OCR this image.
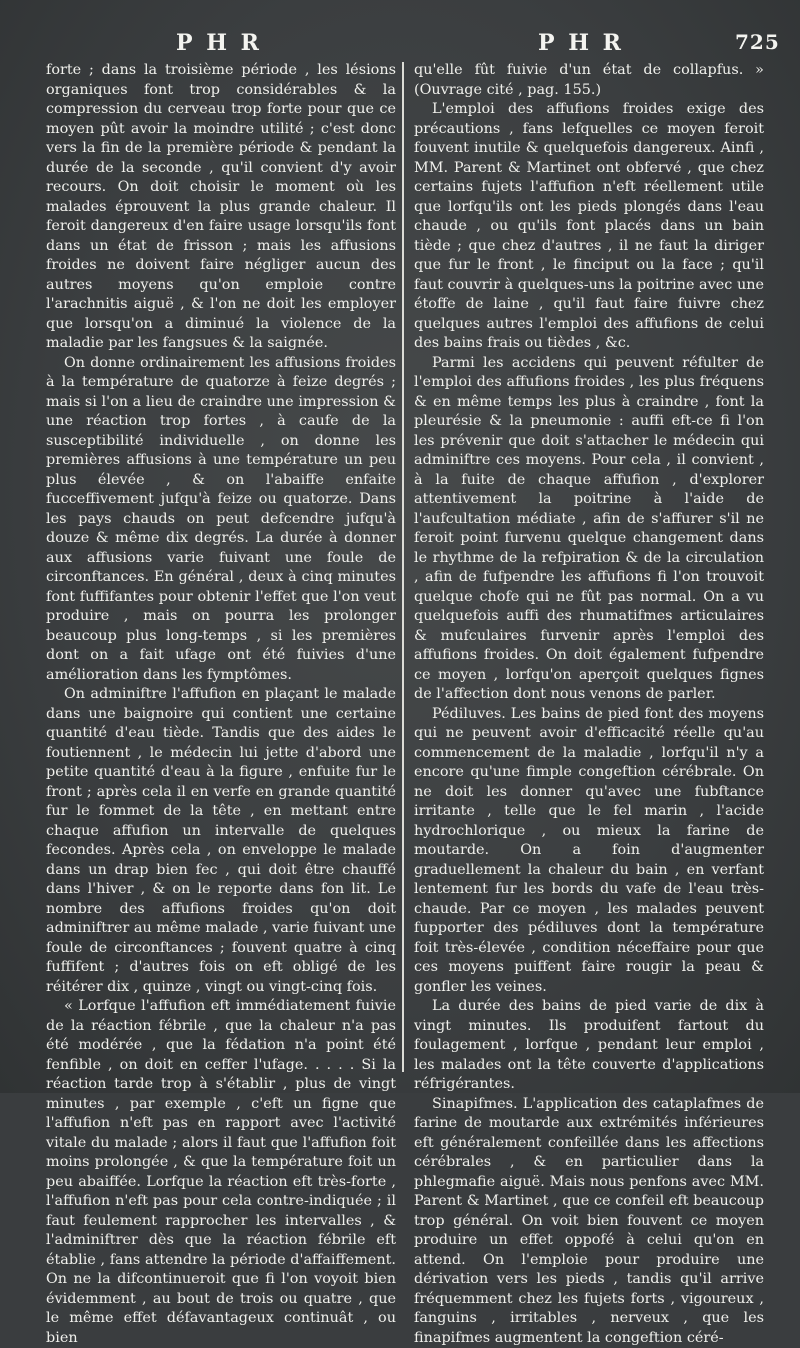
P H R	P H R	725

forte ; dans la troisième période , les lésions organiques font trop considérables & la compression du cerveau trop forte pour que ce moyen pût avoir la moindre utilité ; c'est donc vers la fin de la première période & pendant la durée de la seconde , qu'il convient d'y avoir recours. On doit choisir le moment où les malades éprouvent la plus grande chaleur. Il feroit dangereux d'en faire usage lorsqu'ils font dans un état de frisson ; mais les affusions froides ne doivent faire négliger aucun des autres moyens qu'on emploie contre l'arachnitis aiguë , & l'on ne doit les employer que lorsqu'on a diminué la violence de la maladie par les fangsues & la saignée.

On donne ordinairement les affusions froides à la température de quatorze à feize degrés ; mais si l'on a lieu de craindre une impression & une réaction trop fortes , à caufe de la susceptibilité individuelle , on donne les premières affusions à une température un peu plus élevée , & on l'abaiffe enfaite fucceffivement jufqu'à feize ou quatorze. Dans les pays chauds on peut defcendre jufqu'à douze & même dix degrés. La durée à donner aux affusions varie fuivant une foule de circonftances. En général , deux à cinq minutes font fuffifantes pour obtenir l'effet que l'on veut produire , mais on pourra les prolonger beaucoup plus long-temps , si les premières dont on a fait ufage ont été fuivies d'une amélioration dans les fymptômes.

On adminiftre l'affufion en plaçant le malade dans une baignoire qui contient une certaine quantité d'eau tiède. Tandis que des aides le foutiennent , le médecin lui jette d'abord une petite quantité d'eau à la figure , enfuite fur le front ; après cela il en verfe en grande quantité fur le fommet de la tête , en mettant entre chaque affufion un intervalle de quelques fecondes. Après cela , on enveloppe le malade dans un drap bien fec , qui doit être chauffé dans l'hiver , & on le reporte dans fon lit. Le nombre des affufions froides qu'on doit adminiftrer au même malade , varie fuivant une foule de circonftances ; fouvent quatre à cinq fuffifent ; d'autres fois on eft obligé de les réitérer dix , quinze , vingt ou vingt-cinq fois.

« Lorfque l'affufion eft immédiatement fuivie de la réaction fébrile , que la chaleur n'a pas été modérée , que la fédation n'a point été fenfible , on doit en ceffer l'ufage. . . . . Si la réaction tarde trop à s'établir , plus de vingt minutes , par exemple , c'eft un figne que l'affufion n'eft pas en rapport avec l'activité vitale du malade ; alors il faut que l'affufion foit moins prolongée , & que la température foit un peu abaiffée. Lorfque la réaction eft très-forte , l'affufion n'eft pas pour cela contre-indiquée ; il faut feulement rapprocher les intervalles , & l'adminiftrer dès que la réaction fébrile eft établie , fans attendre la période d'affaiffement. On ne la difcontinueroit que fi l'on voyoit bien évidemment , au bout de trois ou quatre , que le même effet défavantageux continuât , ou bien

qu'elle fût fuivie d'un état de collapfus. » (Ouvrage cité , pag. 155.)

L'emploi des affufions froides exige des précautions , fans lefquelles ce moyen feroit fouvent inutile & quelquefois dangereux. Ainfi , MM. Parent & Martinet ont obfervé , que chez certains fujets l'affufion n'eft réellement utile que lorfqu'ils ont les pieds plongés dans l'eau chaude , ou qu'ils font placés dans un bain tiède ; que chez d'autres , il ne faut la diriger que fur le front , le finciput ou la face ; qu'il faut couvrir à quelques-uns la poitrine avec une étoffe de laine , qu'il faut faire fuivre chez quelques autres l'emploi des affufions de celui des bains frais ou tièdes , &c.

Parmi les accidens qui peuvent réfulter de l'emploi des affufions froides , les plus fréquens & en même temps les plus à craindre , font la pleurésie & la pneumonie : auffi eft-ce fi l'on les prévenir que doit s'attacher le médecin qui adminiftre ces moyens. Pour cela , il convient , à la fuite de chaque affufion , d'explorer attentivement la poitrine à l'aide de l'aufcultation médiate , afin de s'affurer s'il ne feroit point furvenu quelque changement dans le rhythme de la refpiration & de la circulation , afin de fufpendre les affufions fi l'on trouvoit quelque chofe qui ne fût pas normal. On a vu quelquefois auffi des rhumatifmes articulaires & mufculaires furvenir après l'emploi des affufions froides. On doit également fufpendre ce moyen , lorfqu'on aperçoit quelques fignes de l'affection dont nous venons de parler.

Pédiluves. Les bains de pied font des moyens qui ne peuvent avoir d'efficacité réelle qu'au commencement de la maladie , lorfqu'il n'y a encore qu'une fimple congeftion cérébrale. On ne doit les donner qu'avec une fubftance irritante , telle que le fel marin , l'acide hydrochlorique , ou mieux la farine de moutarde. On a foin d'augmenter graduellement la chaleur du bain , en verfant lentement fur les bords du vafe de l'eau très-chaude. Par ce moyen , les malades peuvent fupporter des pédiluves dont la température foit très-élevée , condition néceffaire pour que ces moyens puiffent faire rougir la peau & gonfler les veines.

La durée des bains de pied varie de dix à vingt minutes. Ils produifent fartout du foulagement , lorfque , pendant leur emploi , les malades ont la tête couverte d'applications réfrigérantes.

Sinapifmes. L'application des cataplafmes de farine de moutarde aux extrémités inférieures eft généralement confeillée dans les affections cérébrales , & en particulier dans la phlegmafie aiguë. Mais nous penfons avec MM. Parent & Martinet , que ce confeil eft beaucoup trop général. On voit bien fouvent ce moyen produire un effet oppofé à celui qu'on en attend. On l'emploie pour produire une dérivation vers les pieds , tandis qu'il arrive fréquemment chez les fujets forts , vigoureux , fanguins , irritables , nerveux , que les finapifmes augmentent la congeftion céré-
